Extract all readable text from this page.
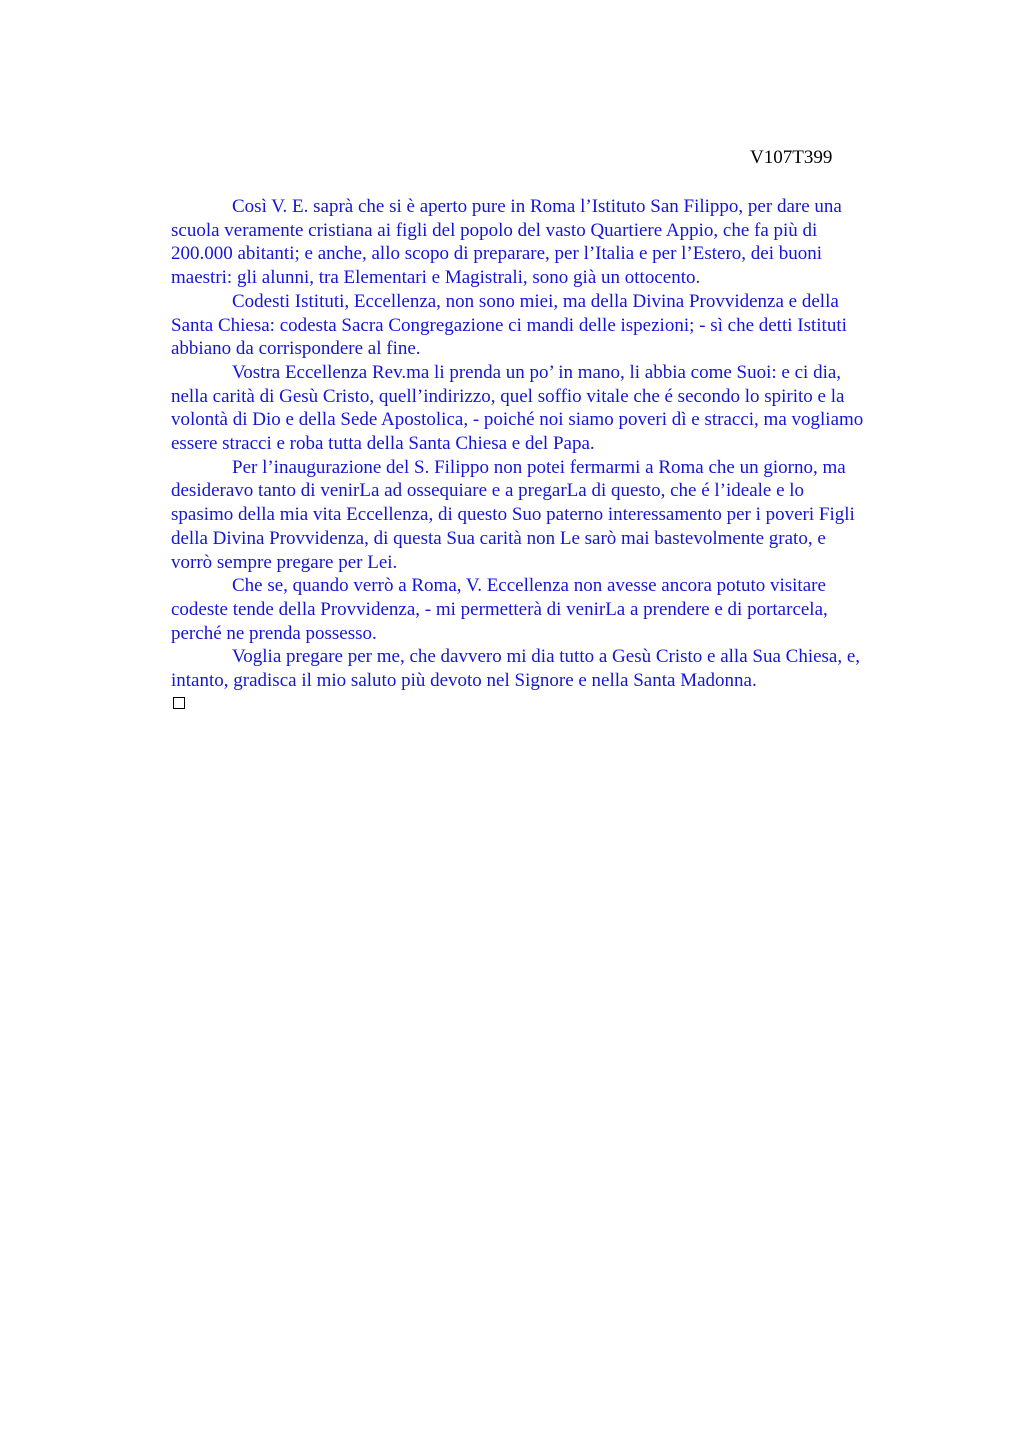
V107T399

Così V. E. saprà che si è aperto pure in Roma l’Istituto San Filippo, per dare una
scuola veramente cristiana ai figli del popolo del vasto Quartiere Appio, che fa più di
200.000 abitanti; e anche, allo scopo di preparare, per l’Italia e per l’Estero, dei buoni
maestri: gli alunni, tra Elementari e Magistrali, sono già un ottocento.

Codesti Istituti, Eccellenza, non sono miei, ma della Divina Provvidenza e della
Santa Chiesa: codesta Sacra Congregazione ci mandi delle ispezioni; - sì che detti Istituti
abbiano da corrispondere al fine.

Vostra Eccellenza Rev.ma li prenda un po’ in mano, li abbia come Suoi: e ci dia,
nella carità di Gesù Cristo, quell’indirizzo, quel soffio vitale che é secondo lo spirito e la
volontà di Dio e della Sede Apostolica, - poiché noi siamo poveri dì e stracci, ma vogliamo
essere stracci e roba tutta della Santa Chiesa e del Papa.

Per l’inaugurazione del S. Filippo non potei fermarmi a Roma che un giorno, ma
desideravo tanto di venirLa ad ossequiare e a pregarLa di questo, che é l’ideale e lo
spasimo della mia vita Eccellenza, di questo Suo paterno interessamento per i poveri Figli
della Divina Provvidenza, di questa Sua carità non Le sarò mai bastevolmente grato, e
vorrò sempre pregare per Lei.

Che se, quando verrò a Roma, V. Eccellenza non avesse ancora potuto visitare
codeste tende della Provvidenza, - mi permetterà di venirLa a prendere e di portarcela,
perché ne prenda possesso.

Voglia pregare per me, che davvero mi dia tutto a Gesù Cristo e alla Sua Chiesa, e,
intanto, gradisca il mio saluto più devoto nel Signore e nella Santa Madonna.
